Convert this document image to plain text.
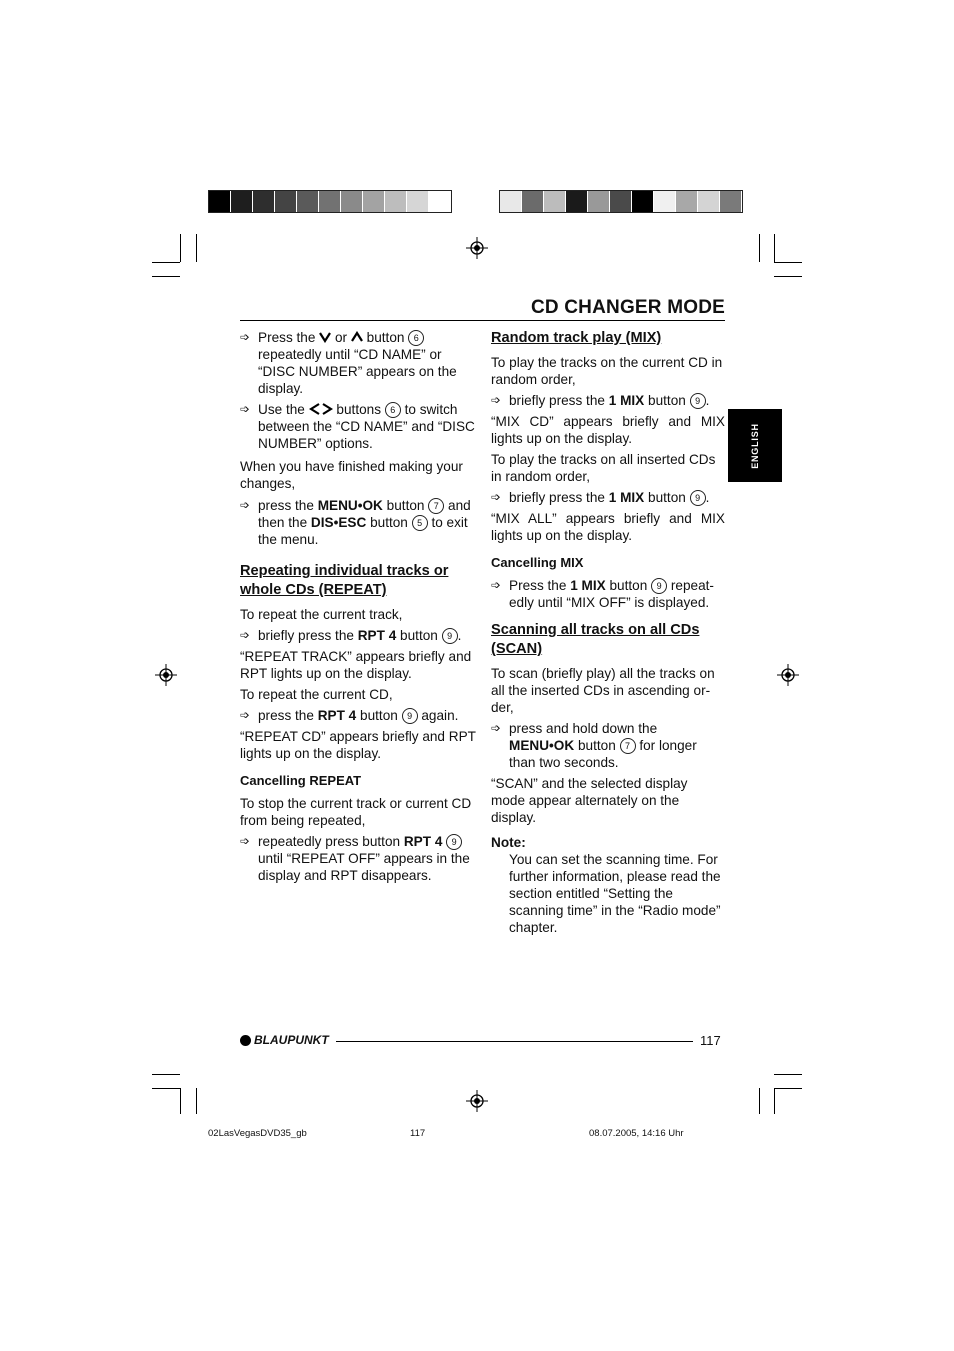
CD CHANGER MODE
ENGLISH
➩ Press the or button 6 repeatedly until “CD NAME” or “DISC NUMBER” appears on the display.
➩ Use the buttons 6 to switch between the “CD NAME” and “DISC NUMBER” options.

When you have finished making your changes,

➩ press the MENU•OK button 7 and then the DIS•ESC button 5 to exit the menu.
Repeating individual tracks or whole CDs (REPEAT)

To repeat the current track,

➩ briefly press the RPT 4 button 9 .

“REPEAT TRACK” appears briefly and RPT lights up on the display.

To repeat the current CD,

➩ press the RPT 4 button 9 again.

“REPEAT CD” appears briefly and RPT lights up on the display.

Cancelling REPEAT

To stop the current track or current CD from being repeated,

➩ repeatedly press button RPT 4 9 until “REPEAT OFF” appears in the display and RPT disappears.
Random track play (MIX)

To play the tracks on the current CD in random order,

➩ briefly press the 1 MIX button 9 .

“MIX CD” appears briefly and MIX lights up on the display.

To play the tracks on all inserted CDs in random order,

➩ briefly press the 1 MIX button 9 .

“MIX ALL” appears briefly and MIX lights up on the display.

Cancelling MIX
➩ Press the 1 MIX button 9 repeat-edly until “MIX OFF” is displayed.
Scanning all tracks on all CDs (SCAN)

To scan (briefly play) all the tracks on all the inserted CDs in ascending or-der,

➩ press and hold down the MENU•OK button 7 for longer than two seconds.

“SCAN” and the selected display mode appear alternately on the display.

Note:
You can set the scanning time. For further information, please read the section entitled “Setting the scanning time” in the “Radio mode” chapter.
BLAUPUNKT	117
02LasVegasDVD35_gb	117	08.07.2005, 14:16 Uhr
